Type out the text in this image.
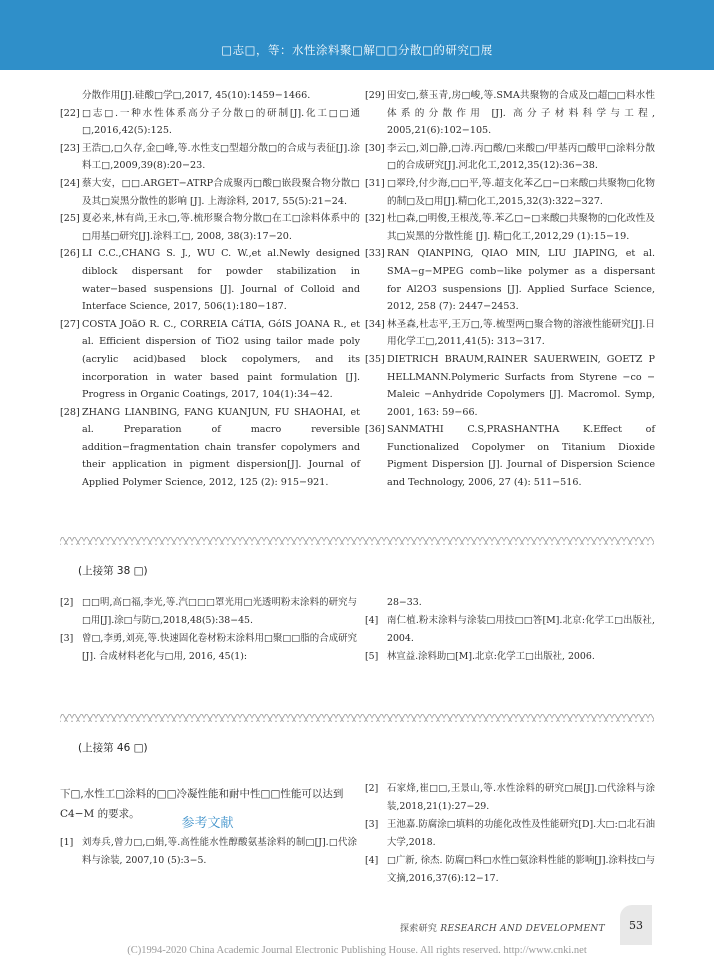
□志□，等：水性涂料聚□解□□分散□的研究□展
分散作用[J].硅酸□学□,2017, 45(10):1459−1466.
[22] □志□.一种水性体系高分子分散□的研制[J].化工□□通□,2016,42(5):125.
[23] 王浩□,□久存,金□峰,等.水性支□型超分散□的合成与表征[J].涂料工□,2009,39(8):20−23.
[24] 蔡大安，□□.ARGET−ATRP合成聚丙□酸□嵌段聚合物分散□及其□炭黑分散性的影响 [J]. 上海涂料, 2017, 55(5):21−24.
[25] 夏必来,林有尚,王永□,等.梳形聚合物分散□在工□涂料体系中的□用基□研究[J].涂料工□, 2008, 38(3):17−20.
[26] LI C.C.,CHANG S. J., WU C. W.,et al.Newly designed diblock dispersant for powder stabilization in water−based suspensions [J]. Journal of Colloid and Interface Science, 2017, 506(1):180−187.
[27] COSTA JOãO R. C., CORREIA CáTIA, GóIS JOANA R., et al. Efficient dispersion of TiO2 using tailor made poly (acrylic acid)based block copolymers, and its incorporation in water based paint formulation [J]. Progress in Organic Coatings, 2017, 104(1):34−42.
[28] ZHANG LIANBING, FANG KUANJUN, FU SHAOHAI, et al. Preparation of macro reversible addition−fragmentation chain transfer copolymers and their application in pigment dispersion[J]. Journal of Applied Polymer Science, 2012, 125 (2): 915−921.
[29] 田安□,蔡玉青,房□峻,等.SMA共聚物的合成及□超□□料水性体系的分散作用 [J]. 高分子材料科学与工程, 2005,21(6):102−105.
[30] 李云□,刘□静,□涛.丙□酸/□来酸□/甲基丙□酸甲□涂料分散□的合成研究[J].河北化工,2012,35(12):36−38.
[31] □翠玲,付少海,□□平,等.超支化苯乙□−□来酸□共聚物□化物的制□及□用[J].精□化工,2015,32(3):322−327.
[32] 杜□森,□明俊,王根茂,等.苯乙□−□来酸□共聚物的□化改性及其□炭黑的分散性能 [J]. 精□化工,2012,29 (1):15−19.
[33] RAN QIANPING, QIAO MIN, LIU JIAPING, et al. SMA−g−MPEG comb−like polymer as a dispersant for Al2O3 suspensions [J]. Applied Surface Science, 2012, 258 (7): 2447−2453.
[34] 林圣森,杜志平,王万□,等.梳型两□聚合物的溶液性能研究[J].日用化学工□,2011,41(5): 313−317.
[35] DIETRICH BRAUM,RAINER SAUERWEIN, GOETZ P HELLMANN.Polymeric Surfacts from Styrene −co − Maleic −Anhydride Copolymers [J]. Macromol. Symp, 2001, 163: 59−66.
[36] SANMATHI C.S,PRASHANTHA K.Effect of Functionalized Copolymer on Titanium Dioxide Pigment Dispersion [J]. Journal of Dispersion Science and Technology, 2006, 27 (4): 511−516.
(上接第 38 □)
[2] □□明,高□福,李光,等.汽□□□罩光用□光透明粉末涂料的研究与□用[J].涂□与防□,2018,48(5):38−45.
[3] 曾□,李勇,刘亮,等.快速固化卷材粉末涂料用□聚□□脂的合成研究[J]. 合成材料老化与□用, 2016, 45(1):
28−33.
[4] 南仁植.粉末涂料与涂装□用技□□答[M].北京:化学工□出版社, 2004.
[5] 林宣益.涂料助□[M].北京:化学工□出版社, 2006.
(上接第 46 □)
下□,水性工□涂料的□□冷凝性能和耐中性□□性能可以达到 C4−M 的要求。
参考文献
[1] 刘寿兵,曾力□,□娟,等.高性能水性醇酸氨基涂料的制□[J].□代涂料与涂装, 2007,10 (5):3−5.
[2] 石家烽,崔□□,王景山,等.水性涂料的研究□展[J].□代涂料与涂装,2018,21(1):27−29.
[3] 王池嘉.防腐涂□填料的功能化改性及性能研究[D].大□:□北石油大学,2018.
[4] □广新, 徐杰. 防腐□料□水性□氨涂料性能的影响[J].涂料技□与文摘,2016,37(6):12−17.
探索研究 RESEARCH AND DEVELOPMENT 53
(C)1994-2020 China Academic Journal Electronic Publishing House. All rights reserved. http://www.cnki.net
